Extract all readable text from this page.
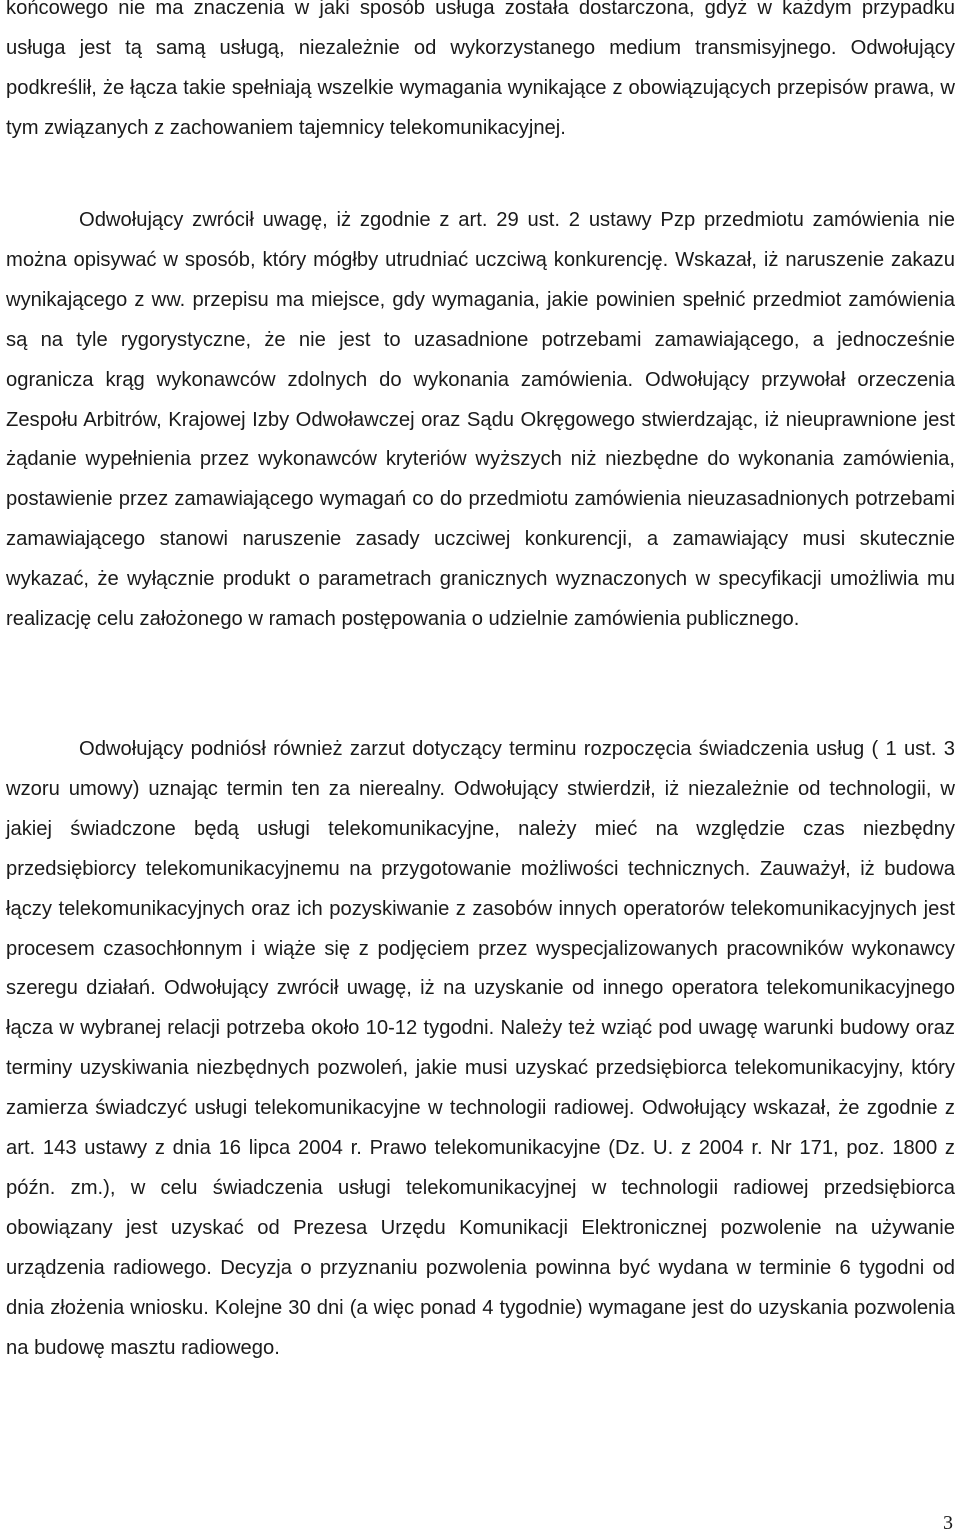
końcowego nie ma znaczenia w jaki sposób usługa została dostarczona, gdyż w każdym przypadku usługa jest tą samą usługą, niezależnie od wykorzystanego medium transmisyjnego. Odwołujący podkreślił, że łącza takie spełniają wszelkie wymagania wynikające z obowiązujących przepisów prawa, w tym związanych z zachowaniem tajemnicy telekomunikacyjnej.

Odwołujący zwrócił uwagę, iż zgodnie z art. 29 ust. 2 ustawy Pzp przedmiotu zamówienia nie można opisywać w sposób, który mógłby utrudniać uczciwą konkurencję. Wskazał, iż naruszenie zakazu wynikającego z ww. przepisu ma miejsce, gdy wymagania, jakie powinien spełnić przedmiot zamówienia są na tyle rygorystyczne, że nie jest to uzasadnione potrzebami zamawiającego, a jednocześnie ogranicza krąg wykonawców zdolnych do wykonania zamówienia. Odwołujący przywołał orzeczenia Zespołu Arbitrów, Krajowej Izby Odwoławczej oraz Sądu Okręgowego stwierdzając, iż nieuprawnione jest żądanie wypełnienia przez wykonawców kryteriów wyższych niż niezbędne do wykonania zamówienia, postawienie przez zamawiającego wymagań co do przedmiotu zamówienia nieuzasadnionych potrzebami zamawiającego stanowi naruszenie zasady uczciwej konkurencji, a zamawiający musi skutecznie wykazać, że wyłącznie produkt o parametrach granicznych wyznaczonych w specyfikacji umożliwia mu realizację celu założonego w ramach postępowania o udzielnie zamówienia publicznego.

Odwołujący podniósł również zarzut dotyczący terminu rozpoczęcia świadczenia usług ( 1 ust. 3 wzoru umowy) uznając termin ten za nierealny. Odwołujący stwierdził, iż niezależnie od technologii, w jakiej świadczone będą usługi telekomunikacyjne, należy mieć na względzie czas niezbędny przedsiębiorcy telekomunikacyjnemu na przygotowanie możliwości technicznych. Zauważył, iż budowa łączy telekomunikacyjnych oraz ich pozyskiwanie z zasobów innych operatorów telekomunikacyjnych jest procesem czasochłonnym i wiąże się z podjęciem przez wyspecjalizowanych pracowników wykonawcy szeregu działań. Odwołujący zwrócił uwagę, iż na uzyskanie od innego operatora telekomunikacyjnego łącza w wybranej relacji potrzeba około 10-12 tygodni. Należy też wziąć pod uwagę warunki budowy oraz terminy uzyskiwania niezbędnych pozwoleń, jakie musi uzyskać przedsiębiorca telekomunikacyjny, który zamierza świadczyć usługi telekomunikacyjne w technologii radiowej. Odwołujący wskazał, że zgodnie z art. 143 ustawy z dnia 16 lipca 2004 r. Prawo telekomunikacyjne (Dz. U. z 2004 r. Nr 171, poz. 1800 z późn. zm.), w celu świadczenia usługi telekomunikacyjnej w technologii radiowej przedsiębiorca obowiązany jest uzyskać od Prezesa Urzędu Komunikacji Elektronicznej pozwolenie na używanie urządzenia radiowego. Decyzja o przyznaniu pozwolenia powinna być wydana w terminie 6 tygodni od dnia złożenia wniosku. Kolejne 30 dni (a więc ponad 4 tygodnie) wymagane jest do uzyskania pozwolenia na budowę masztu radiowego.

3
